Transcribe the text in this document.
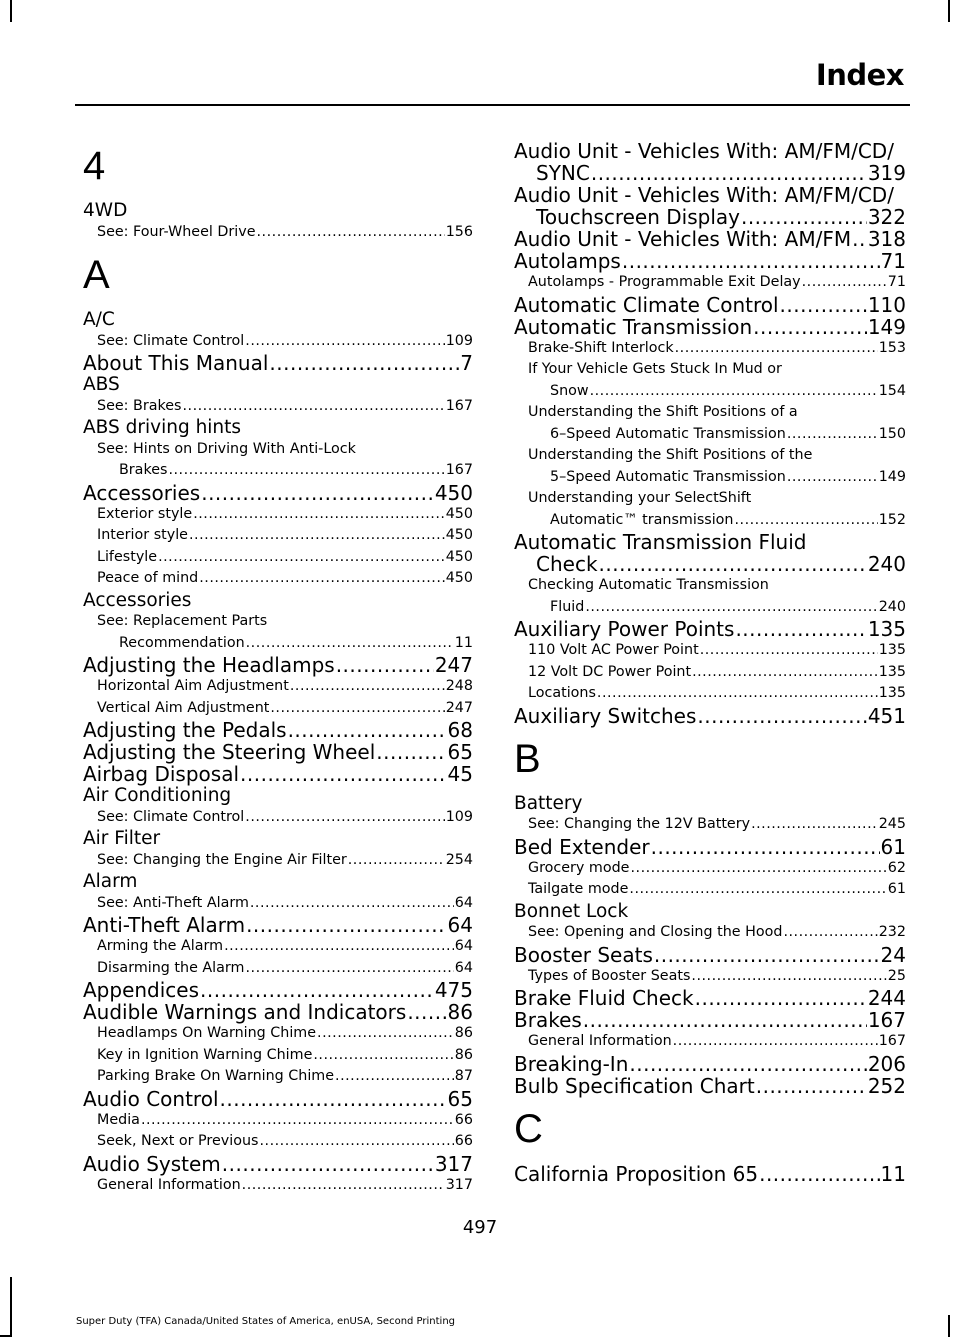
Index
4
4WD
See: Four-Wheel Drive .....	156
A
A/C
See: Climate Control .....	109
About This Manual .....	7
ABS
See: Brakes .....	167
ABS driving hints
See: Hints on Driving With Anti-Lock
Brakes .....	167
Accessories .....	450
Exterior style .....	450
Interior style .....	450
Lifestyle .....	450
Peace of mind .....	450
Accessories
See: Replacement Parts
Recommendation .....	11
Adjusting the Headlamps .....	247
Horizontal Aim Adjustment .....	248
Vertical Aim Adjustment .....	247
Adjusting the Pedals .....	68
Adjusting the Steering Wheel .....	65
Airbag Disposal .....	45
Air Conditioning
See: Climate Control .....	109
Air Filter
See: Changing the Engine Air Filter .....	254
Alarm
See: Anti-Theft Alarm .....	64
Anti-Theft Alarm .....	64
Arming the Alarm .....	64
Disarming the Alarm .....	64
Appendices .....	475
Audible Warnings and Indicators ..... 86
Headlamps On Warning Chime .....	86
Key in Ignition Warning Chime .....	86
Parking Brake On Warning Chime .....	87
Audio Control .....	65
Media .....	66
Seek, Next or Previous .....	66
Audio System .....	317
General Information .....	317
Audio Unit - Vehicles With: AM/FM/CD/
SYNC .....	319
Audio Unit - Vehicles With: AM/FM/CD/
Touchscreen Display .....	322
Audio Unit - Vehicles With: AM/FM ..... 318
Autolamps .....	71
Autolamps - Programmable Exit Delay .....	71
Automatic Climate Control .....	110
Automatic Transmission .....	149
Brake-Shift Interlock .....	153
If Your Vehicle Gets Stuck In Mud or
Snow .....	154
Understanding the Shift Positions of a
6–Speed Automatic Transmission .....	150
Understanding the Shift Positions of the
5–Speed Automatic Transmission .....	149
Understanding your SelectShift
Automatic™ transmission .....	152
Automatic Transmission Fluid
Check .....	240
Checking Automatic Transmission
Fluid .....	240
Auxiliary Power Points .....	135
110 Volt AC Power Point .....	135
12 Volt DC Power Point .....	135
Locations .....	135
Auxiliary Switches .....	451
B
Battery
See: Changing the 12V Battery .....	245
Bed Extender .....	61
Grocery mode .....	62
Tailgate mode .....	61
Bonnet Lock
See: Opening and Closing the Hood .....	232
Booster Seats .....	24
Types of Booster Seats .....	25
Brake Fluid Check .....	244
Brakes .....	167
General Information .....	167
Breaking-In .....	206
Bulb Specification Chart .....	252
C
California Proposition 65 .....	11
497
Super Duty (TFA) Canada/United States of America, enUSA, Second Printing
